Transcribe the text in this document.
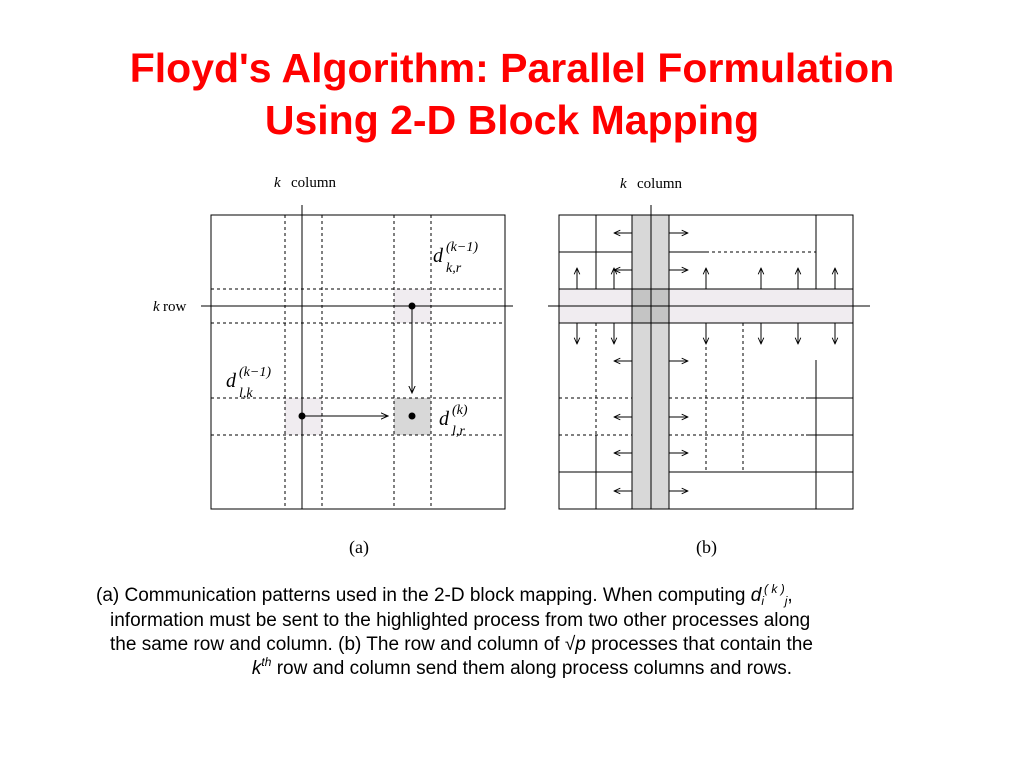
Floyd's Algorithm: Parallel Formulation
Using 2-D Block Mapping
k column
k row
d (k−1)
k,r
d (k−1)
l,k
d (k)
l,r
(a)
k column
(b)

(a) Communication patterns used in the 2-D block mapping. When computing $d_i^{( k )}_j$,

information must be sent to the highlighted process from two other processes along

the same row and column. (b) The row and column of √p processes that contain the

$k^{th}$ row and column send them along process columns and rows.
